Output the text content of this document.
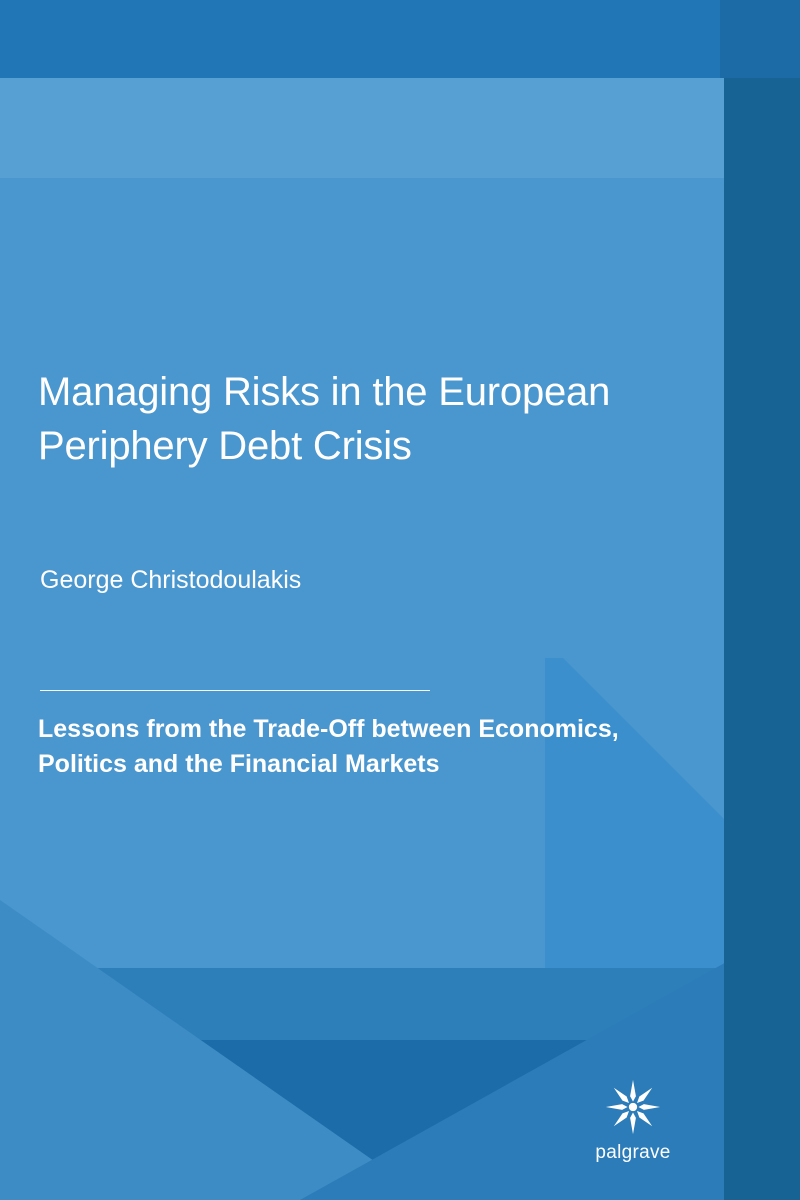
Managing Risks in the European Periphery Debt Crisis
George Christodoulakis
Lessons from the Trade-Off between Economics, Politics and the Financial Markets
palgrave
